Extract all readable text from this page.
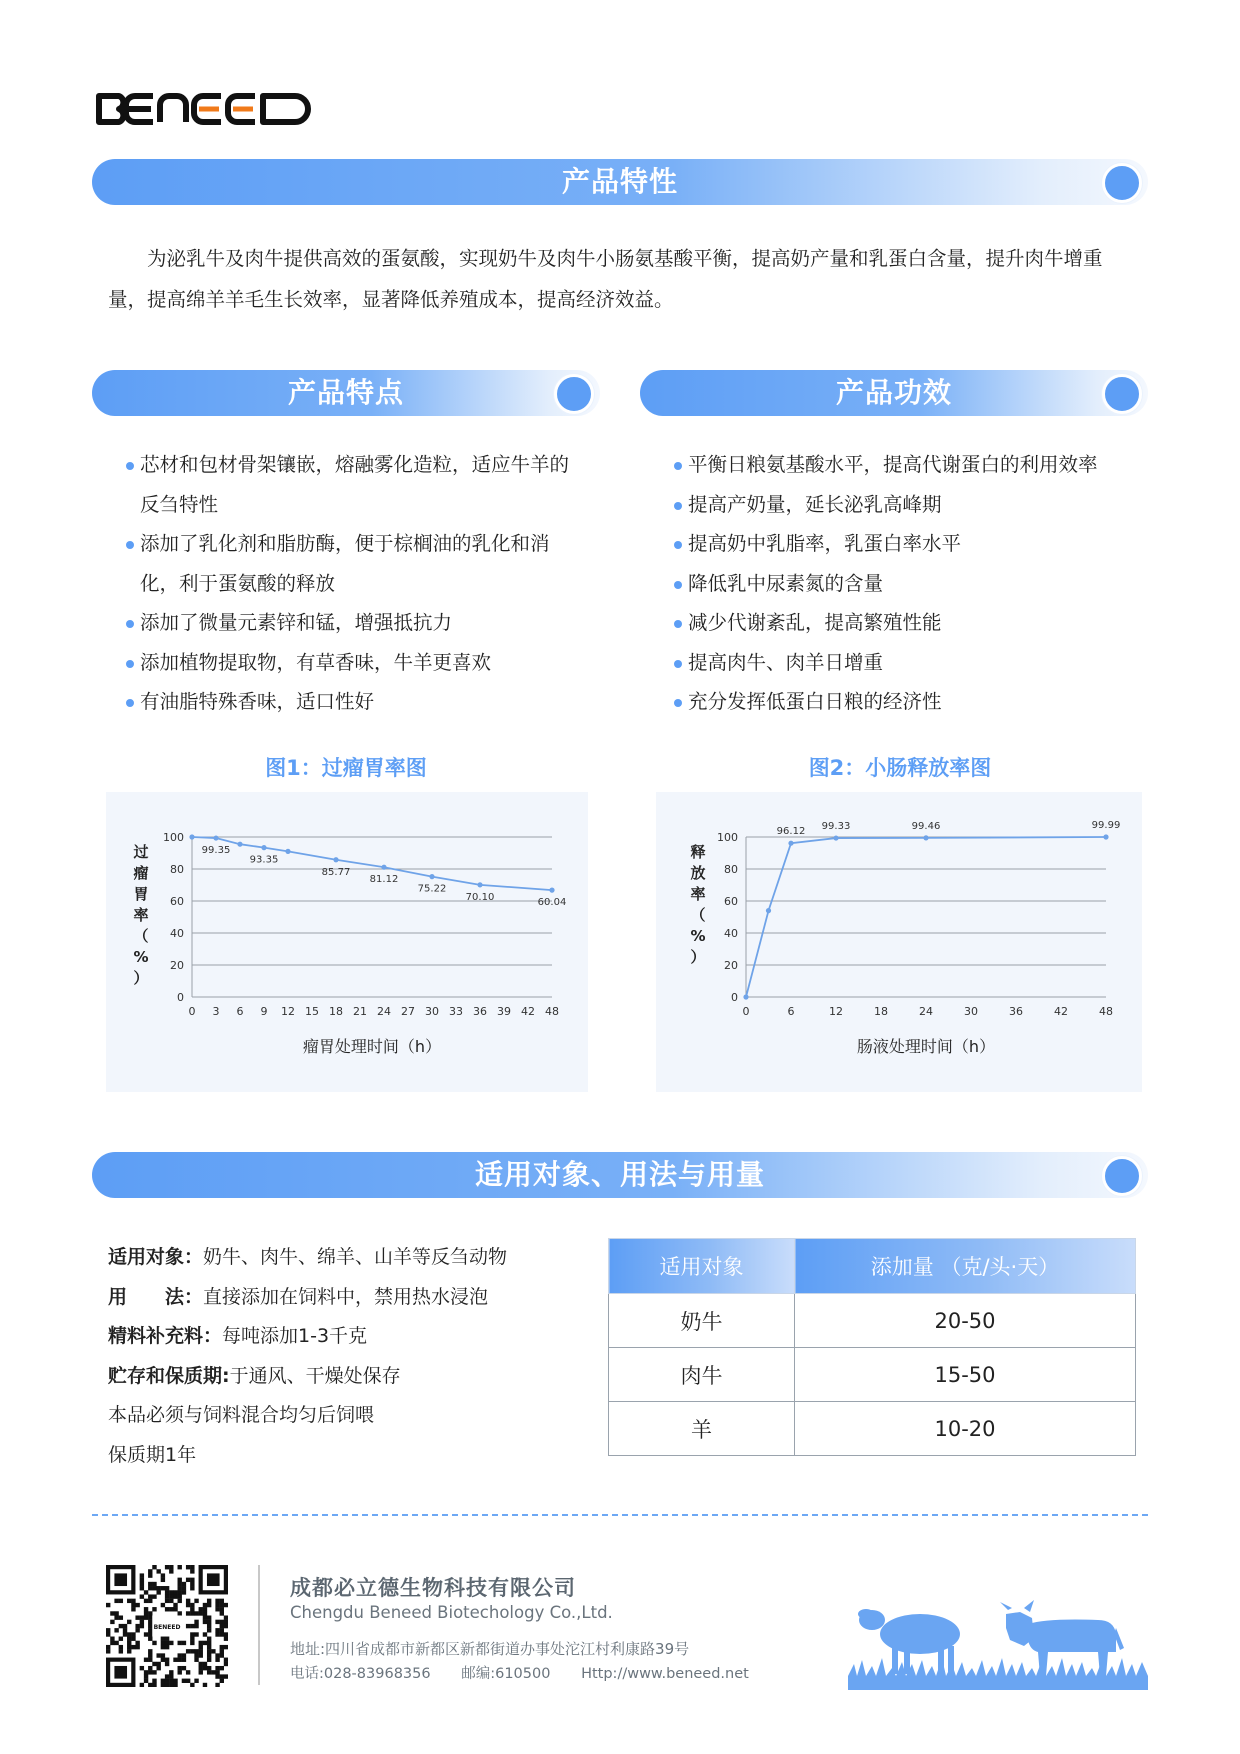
产品特性
为泌乳牛及肉牛提供高效的蛋氨酸，实现奶牛及肉牛小肠氨基酸平衡，提高奶产量和乳蛋白含量，提升肉牛增重量，提高绵羊羊毛生长效率，显著降低养殖成本，提高经济效益。
产品特点	产品功效
芯材和包材骨架镶嵌，熔融雾化造粒，适应牛羊的反刍特性
添加了乳化剂和脂肪酶，便于棕榈油的乳化和消化，利于蛋氨酸的释放
添加了微量元素锌和锰，增强抵抗力
添加植物提取物，有草香味，牛羊更喜欢
有油脂特殊香味，适口性好
平衡日粮氨基酸水平，提高代谢蛋白的利用效率
提高产奶量，延长泌乳高峰期
提高奶中乳脂率，乳蛋白率水平
降低乳中尿素氮的含量
减少代谢紊乱，提高繁殖性能
提高肉牛、肉羊日增重
充分发挥低蛋白日粮的经济性
图1：过瘤胃率图	图2：小肠释放率图
0
20
40
60
80
100
0 3 6 9 12 15 18 21 24 27 30 33 36 39 42 48
99.35
93.35
85.77
81.12
75.22
70.10	60.04
瘤胃处理时间（h）
过瘤胃率（%）
0
20
40
60
80
100
0	6	12	18	24	30	36	42	48
96.12 99.33	99.46	99.99
肠液处理时间（h）
释放率（%）
适用对象、用法与用量
适用对象：奶牛、肉牛、绵羊、山羊等反刍动物
用　　法：直接添加在饲料中，禁用热水浸泡
精料补充料：每吨添加1-3千克
贮存和保质期:于通风、干燥处保存
本品必须与饲料混合均匀后饲喂
保质期1年
适用对象	添加量 （克/头·天）
奶牛	20-50
肉牛	15-50
羊	10-20
BENEED
成都必立德生物科技有限公司
Chengdu Beneed Biotechology Co.,Ltd.
地址:四川省成都市新都区新都街道办事处沱江村利康路39号
电话:028-83968356 邮编:610500 Http://www.beneed.net
